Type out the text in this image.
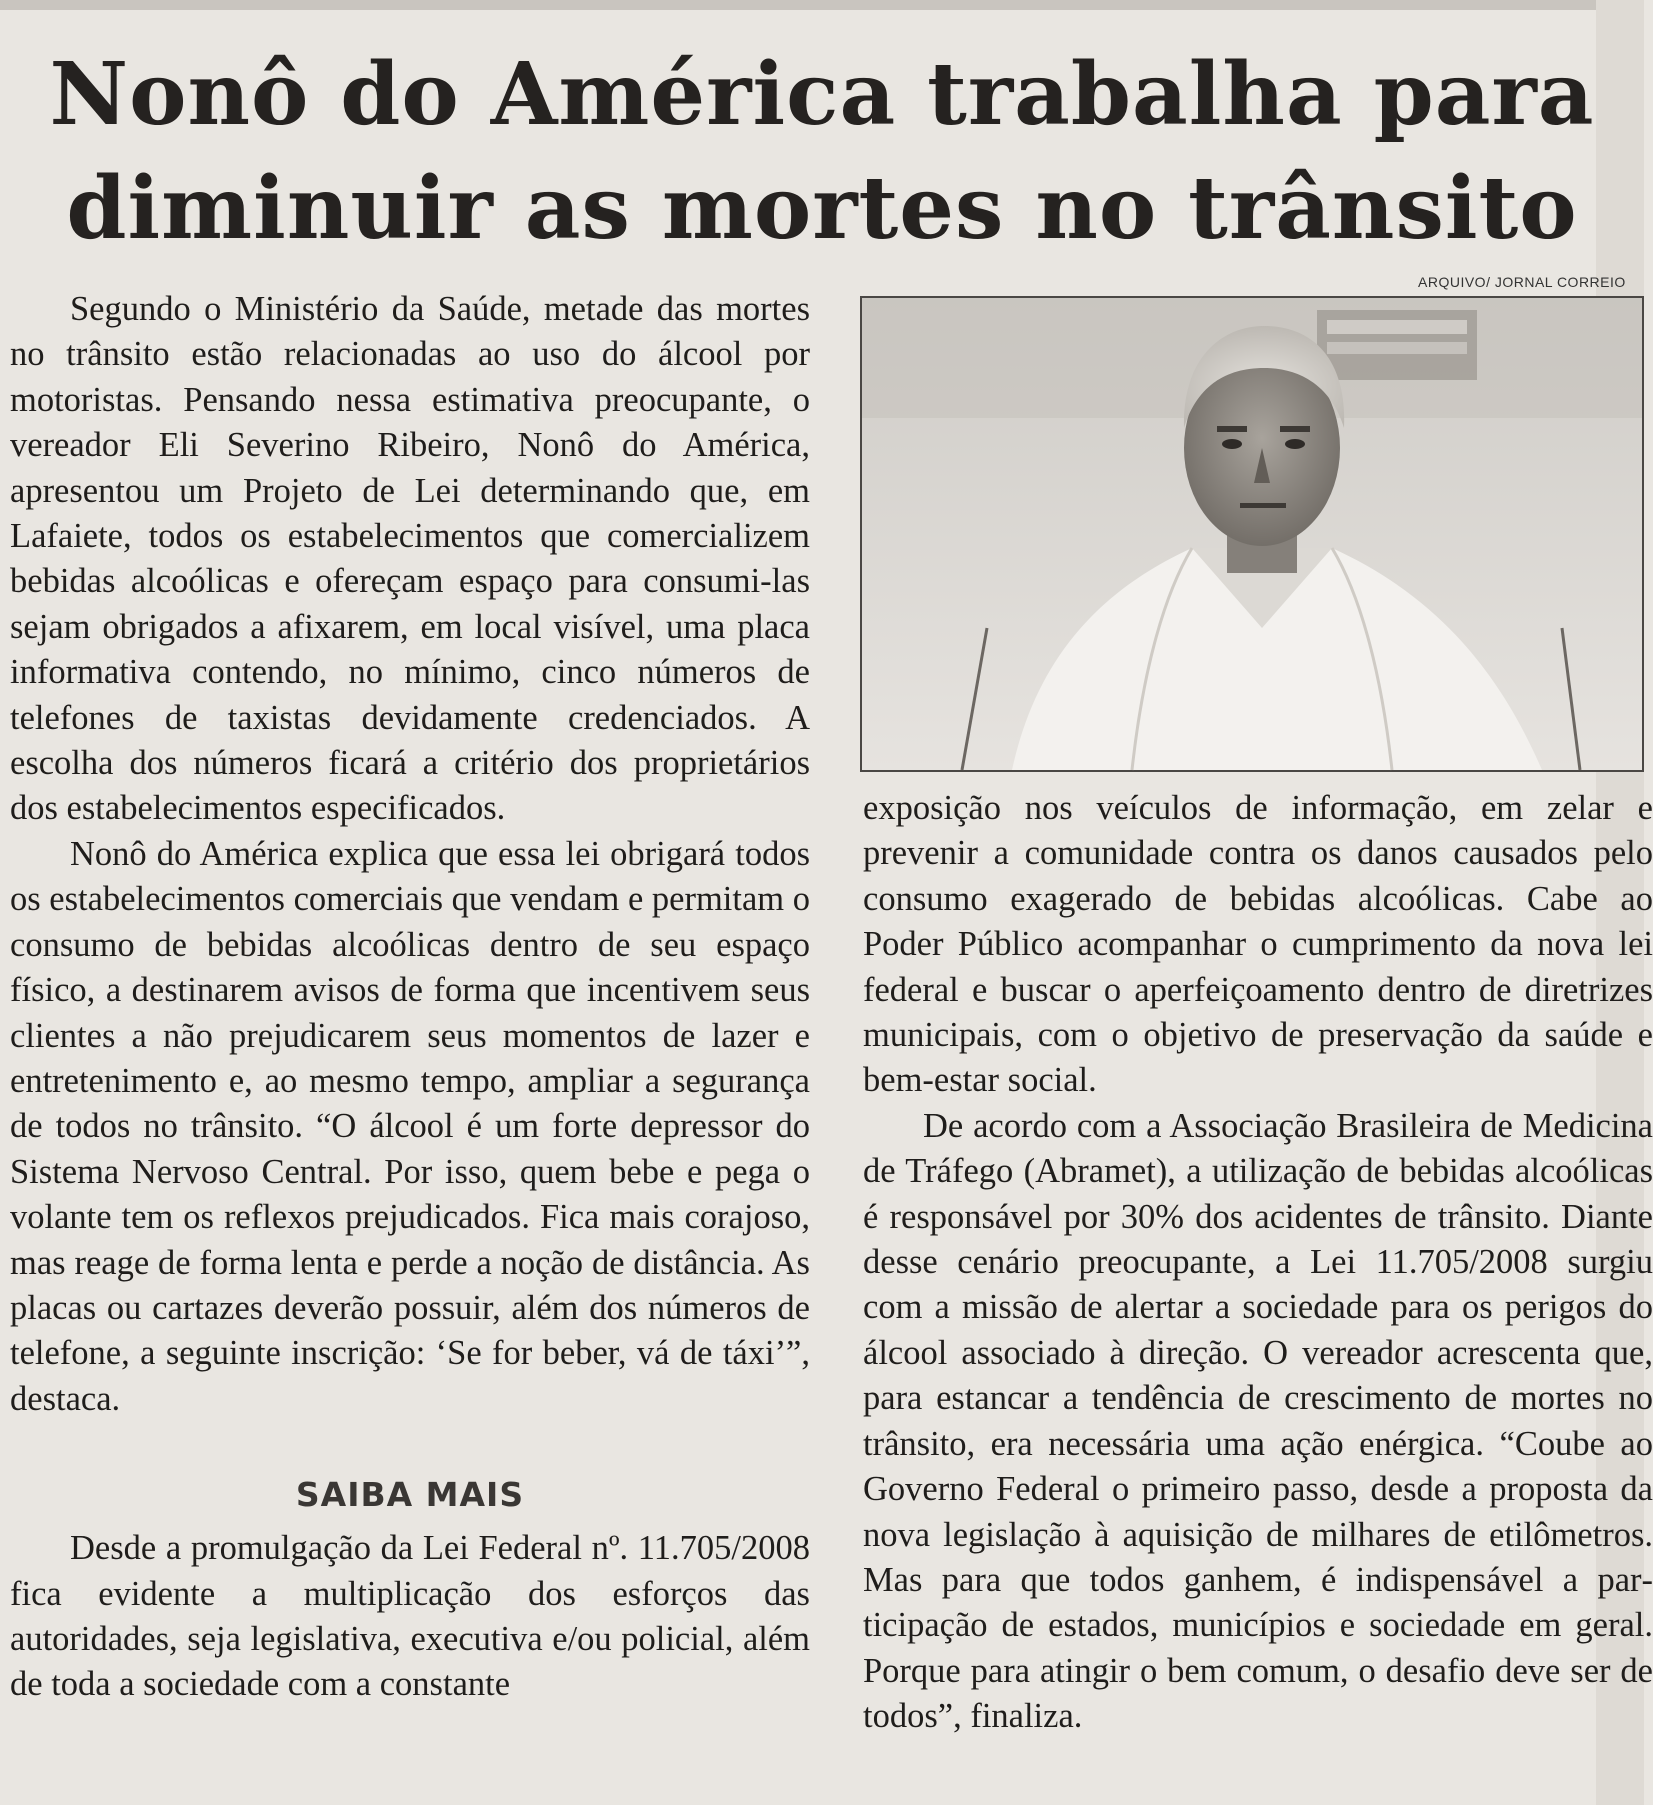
Nonô do América trabalha para
diminuir as mortes no trânsito
ARQUIVO/ JORNAL CORREIO

Segundo o Ministério da Saúde, metade das mortes no trânsito estão relacionadas ao uso do álcool por motoristas. Pensando nessa estimativa preocupante, o vereador Eli Severino Ribeiro, Nonô do América, apresentou um Projeto de Lei determinando que, em Lafaiete, todos os estabelecimentos que comercializem bebidas alcoólicas e ofereçam espaço para consumi-las sejam obrigados a afixarem, em local visível, uma placa informativa contendo, no mínimo, cinco números de telefones de taxistas devidamente credenciados. A escolha dos números ficará a critério dos proprietários dos estabelecimentos especificados.

Nonô do América explica que essa lei obrigará todos os estabelecimentos comerciais que vendam e permitam o consumo de bebidas alcoólicas dentro de seu espaço físico, a destinarem avisos de forma que incentivem seus clientes a não prejudicarem seus momentos de lazer e entretenimento e, ao mesmo tempo, ampliar a segurança de todos no trânsito. “O álcool é um forte depressor do Sistema Nervoso Central. Por isso, quem bebe e pega o volante tem os reflexos prejudicados. Fica mais corajoso, mas reage de forma lenta e perde a noção de distância. As placas ou cartazes deverão possuir, além dos números de telefone, a seguinte inscrição: ‘Se for beber, vá de táxi’”, destaca.

SAIBA MAIS

Desde a promulgação da Lei Federal nº. 11.705/2008 fica evidente a multiplicação dos esforços das autoridades, seja legislativa, executiva e/ou policial, além de toda a sociedade com a constante

exposição nos veículos de informação, em zelar e prevenir a comunidade contra os danos causados pelo consumo exagerado de bebidas alcoólicas. Cabe ao Poder Público acompanhar o cumprimento da nova lei federal e buscar o aperfeiçoamento dentro de diretrizes municipais, com o objetivo de preservação da saúde e bem-estar social.

De acordo com a Associação Brasileira de Medicina de Tráfego (Abramet), a utilização de bebidas alcoólicas é responsável por 30% dos acidentes de trânsito. Diante desse cenário preocupante, a Lei 11.705/2008 surgiu com a missão de alertar a sociedade para os perigos do álcool associado à direção. O vereador acrescenta que, para estancar a tendência de crescimento de mortes no trânsito, era necessária uma ação enérgica. “Coube ao Governo Federal o primeiro passo, desde a proposta da nova legislação à aquisição de milhares de etilômetros. Mas para que todos ganhem, é indispensável a participação de estados, municípios e sociedade em geral. Porque para atingir o bem comum, o desafio deve ser de todos”, finaliza.
